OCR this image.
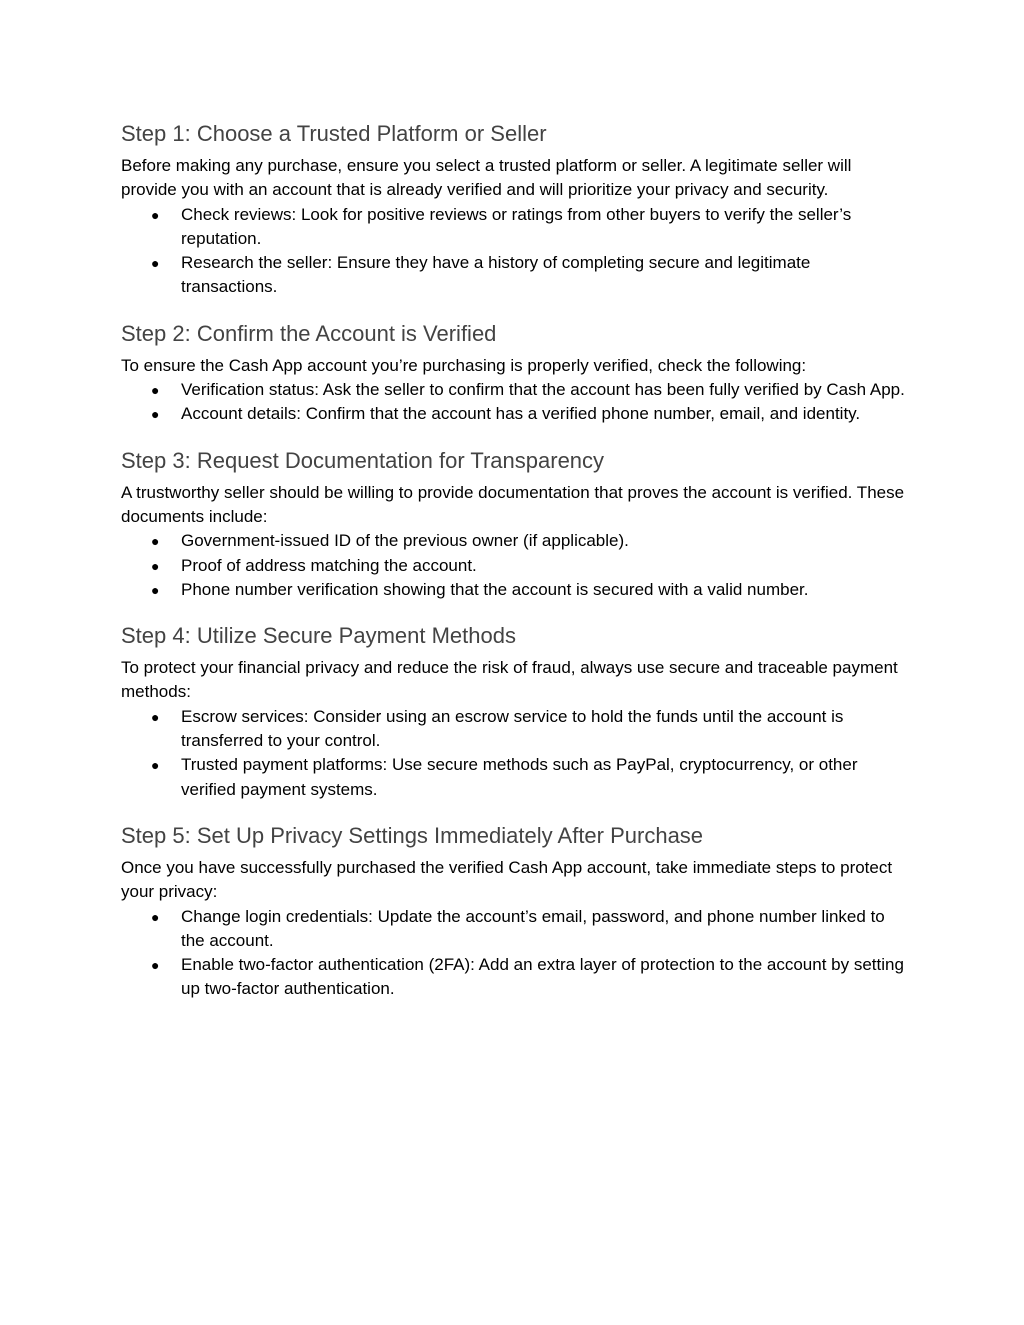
Step 1: Choose a Trusted Platform or Seller

Before making any purchase, ensure you select a trusted platform or seller. A legitimate seller will provide you with an account that is already verified and will prioritize your privacy and security.

● Check reviews: Look for positive reviews or ratings from other buyers to verify the seller’s reputation.
● Research the seller: Ensure they have a history of completing secure and legitimate transactions.
Step 2: Confirm the Account is Verified

To ensure the Cash App account you’re purchasing is properly verified, check the following:

● Verification status: Ask the seller to confirm that the account has been fully verified by Cash App.
● Account details: Confirm that the account has a verified phone number, email, and identity.
Step 3: Request Documentation for Transparency

A trustworthy seller should be willing to provide documentation that proves the account is verified. These documents include:

● Government-issued ID of the previous owner (if applicable).
● Proof of address matching the account.
● Phone number verification showing that the account is secured with a valid number.
Step 4: Utilize Secure Payment Methods

To protect your financial privacy and reduce the risk of fraud, always use secure and traceable payment methods:

● Escrow services: Consider using an escrow service to hold the funds until the account is transferred to your control.
● Trusted payment platforms: Use secure methods such as PayPal, cryptocurrency, or other verified payment systems.
Step 5: Set Up Privacy Settings Immediately After Purchase

Once you have successfully purchased the verified Cash App account, take immediate steps to protect your privacy:

● Change login credentials: Update the account’s email, password, and phone number linked to the account.
● Enable two-factor authentication (2FA): Add an extra layer of protection to the account by setting up two-factor authentication.
